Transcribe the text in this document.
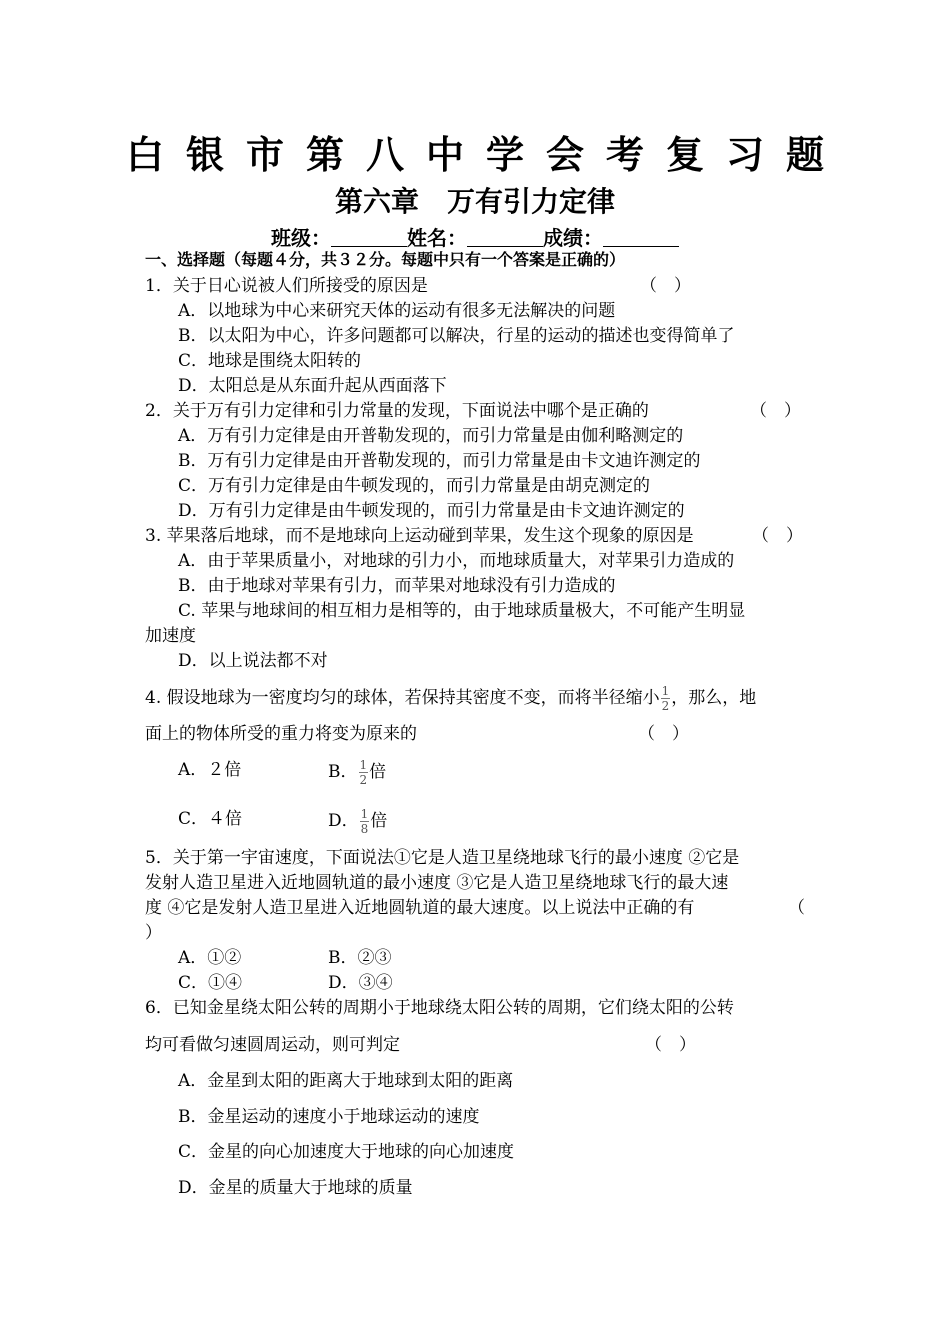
白银市第八中学会考复习题
第六章　万有引力定律
班级：	姓名：	成绩：
一、选择题（每题４分，共３２分。每题中只有一个答案是正确的）
1．关于日心说被人们所接受的原因是	（　）
A．以地球为中心来研究天体的运动有很多无法解决的问题
B．以太阳为中心，许多问题都可以解决，行星的运动的描述也变得简单了
C．地球是围绕太阳转的
D．太阳总是从东面升起从西面落下
2．关于万有引力定律和引力常量的发现，下面说法中哪个是正确的	（　）
A．万有引力定律是由开普勒发现的，而引力常量是由伽利略测定的
B．万有引力定律是由开普勒发现的，而引力常量是由卡文迪许测定的
C．万有引力定律是由牛顿发现的，而引力常量是由胡克测定的
D．万有引力定律是由牛顿发现的，而引力常量是由卡文迪许测定的
3. 苹果落后地球，而不是地球向上运动碰到苹果，发生这个现象的原因是	（　）
A．由于苹果质量小，对地球的引力小，而地球质量大，对苹果引力造成的
B．由于地球对苹果有引力，而苹果对地球没有引力造成的
C. 苹果与地球间的相互相力是相等的，由于地球质量极大，不可能产生明显
加速度
D．以上说法都不对
4. 假设地球为一密度均匀的球体，若保持其密度不变，而将半径缩小 $\frac{1}{2}$ ，那么，地
面上的物体所受的重力将变为原来的	（　）
A．２倍	B． $\frac{1}{2}$ 倍
C．４倍	D． $\frac{1}{8}$ 倍
5．关于第一宇宙速度，下面说法①它是人造卫星绕地球飞行的最小速度 ②它是
发射人造卫星进入近地圆轨道的最小速度 ③它是人造卫星绕地球飞行的最大速
度 ④它是发射人造卫星进入近地圆轨道的最大速度。以上说法中正确的有	（
）
A．①②	B．②③
C．①④	D．③④
6．已知金星绕太阳公转的周期小于地球绕太阳公转的周期，它们绕太阳的公转
均可看做匀速圆周运动，则可判定	（　）
A．金星到太阳的距离大于地球到太阳的距离
B．金星运动的速度小于地球运动的速度
C．金星的向心加速度大于地球的向心加速度
D．金星的质量大于地球的质量
